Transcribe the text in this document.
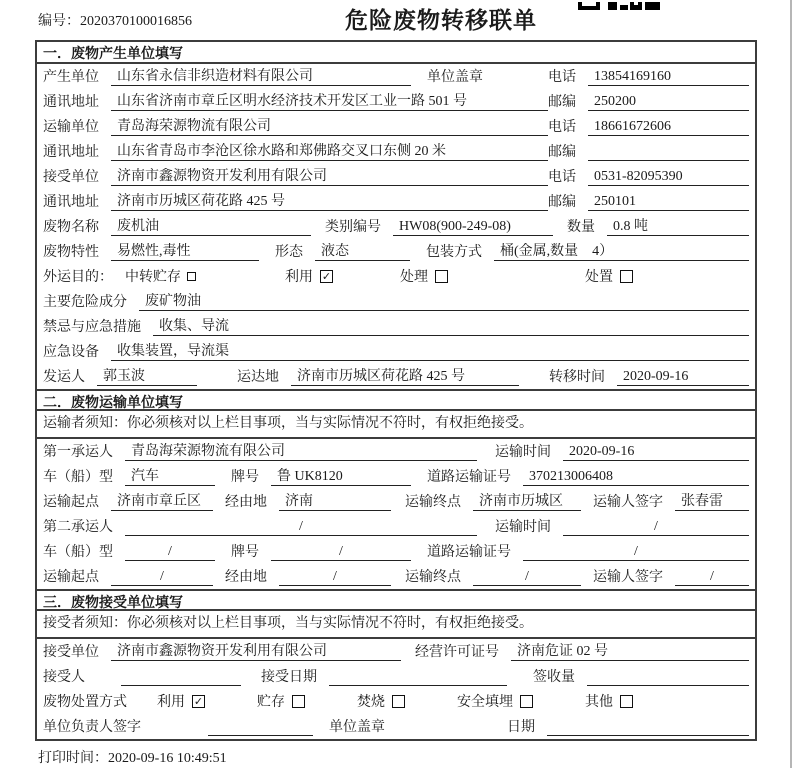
编号：2020370100016856	危险废物转移联单
一．废物产生单位填写
产生单位	山东省永信非织造材料有限公司	单位盖章	电话	13854169160
通讯地址	山东省济南市章丘区明水经济技术开发区工业一路 501 号	邮编	250200
运输单位	青岛海荣源物流有限公司	电话	18661672606
通讯地址	山东省青岛市李沧区徐水路和郑佛路交叉口东侧 20 米	邮编
接受单位	济南市鑫源物资开发利用有限公司	电话	0531-82095390
通讯地址	济南市历城区荷花路 425 号	邮编	250101
废物名称	废机油	类别编号	HW08(900-249-08)	数量	0.8 吨
废物特性	易燃性,毒性	形态	液态	包装方式	桶(金属,数量　4）
外运目的： 中转贮存	利用 ✓	处理	处置
主要危险成分	废矿物油
禁忌与应急措施	收集、导流
应急设备	收集装置，导流渠
发运人	郭玉波	运达地	济南市历城区荷花路 425 号	转移时间	2020-09-16
二．废物运输单位填写
运输者须知：你必须核对以上栏目事项，当与实际情况不符时，有权拒绝接受。
第一承运人	青岛海荣源物流有限公司	运输时间	2020-09-16
车（船）型	汽车	牌号	鲁 UK8120	道路运输证号	370213006408
运输起点	济南市章丘区	经由地	济南	运输终点	济南市历城区	运输人签字	张春雷
第二承运人	/	运输时间	/
车（船）型	/	牌号	/	道路运输证号	/
运输起点	/	经由地	/	运输终点	/	运输人签字	/
三．废物接受单位填写
接受者须知：你必须核对以上栏目事项，当与实际情况不符时，有权拒绝接受。
接受单位	济南市鑫源物资开发利用有限公司	经营许可证号	济南危证 02 号
接受人	接受日期	签收量
废物处置方式 利用 ✓	贮存	焚烧	安全填埋	其他
单位负责人签字	单位盖章	日期
打印时间：2020-09-16 10:49:51
